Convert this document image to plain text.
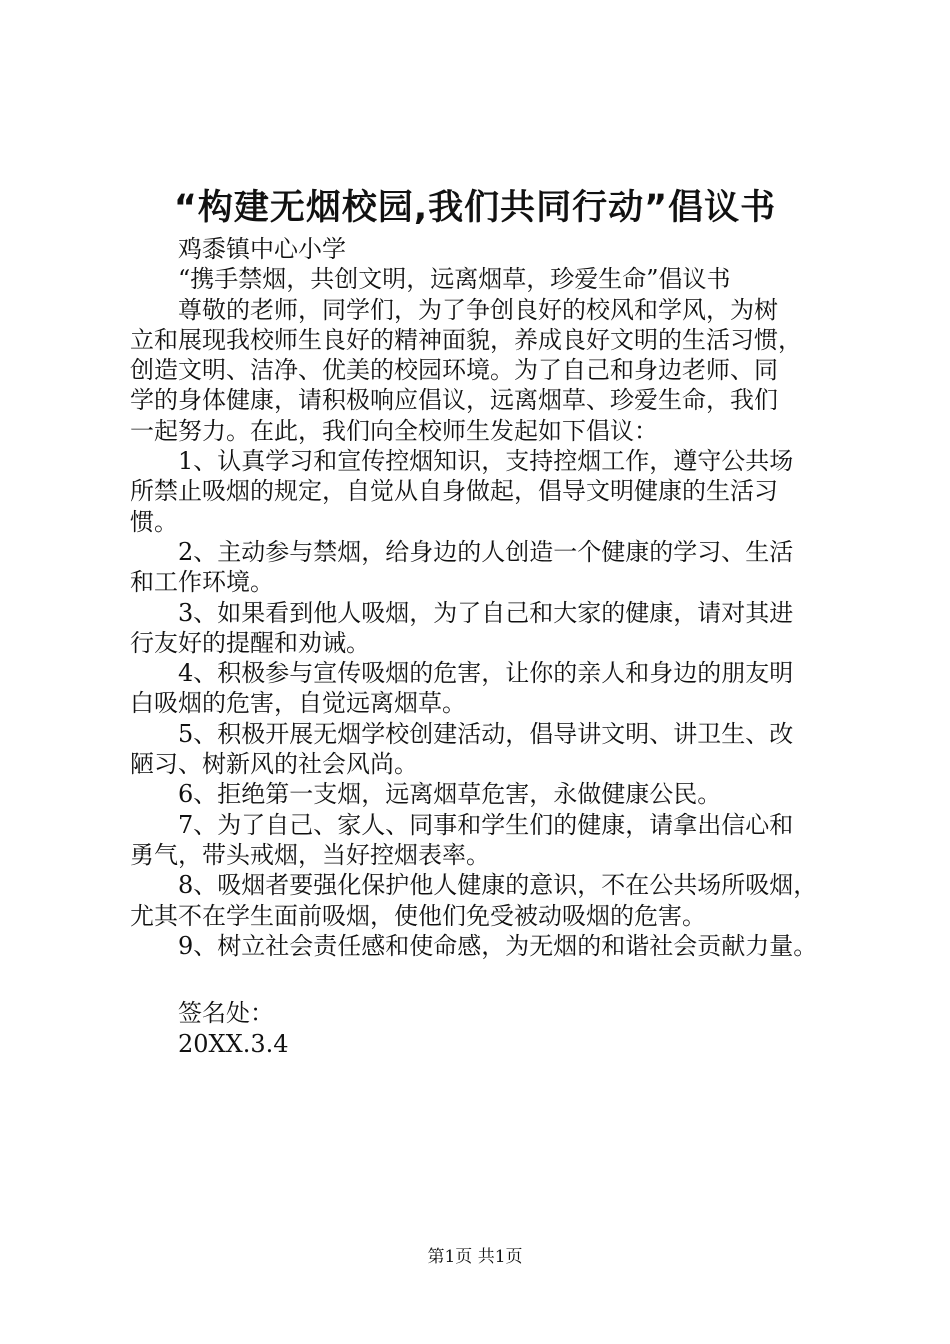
“构建无烟校园,我们共同行动”倡议书
鸡黍镇中心小学
“携手禁烟，共创文明，远离烟草，珍爱生命”倡议书
尊敬的老师，同学们，为了争创良好的校风和学风，为树
立和展现我校师生良好的精神面貌，养成良好文明的生活习惯，
创造文明、洁净、优美的校园环境。为了自己和身边老师、同
学的身体健康，请积极响应倡议，远离烟草、珍爱生命，我们
一起努力。在此，我们向全校师生发起如下倡议：
1、认真学习和宣传控烟知识，支持控烟工作，遵守公共场
所禁止吸烟的规定，自觉从自身做起，倡导文明健康的生活习
惯。
2、主动参与禁烟，给身边的人创造一个健康的学习、生活
和工作环境。
3、如果看到他人吸烟，为了自己和大家的健康，请对其进
行友好的提醒和劝诫。
4、积极参与宣传吸烟的危害，让你的亲人和身边的朋友明
白吸烟的危害，自觉远离烟草。
5、积极开展无烟学校创建活动，倡导讲文明、讲卫生、改
陋习、树新风的社会风尚。
6、拒绝第一支烟，远离烟草危害，永做健康公民。
7、为了自己、家人、同事和学生们的健康，请拿出信心和
勇气，带头戒烟，当好控烟表率。
8、吸烟者要强化保护他人健康的意识，不在公共场所吸烟，
尤其不在学生面前吸烟，使他们免受被动吸烟的危害。
9、树立社会责任感和使命感，为无烟的和谐社会贡献力量。
签名处：
20XX.3.4
第1页 共1页
